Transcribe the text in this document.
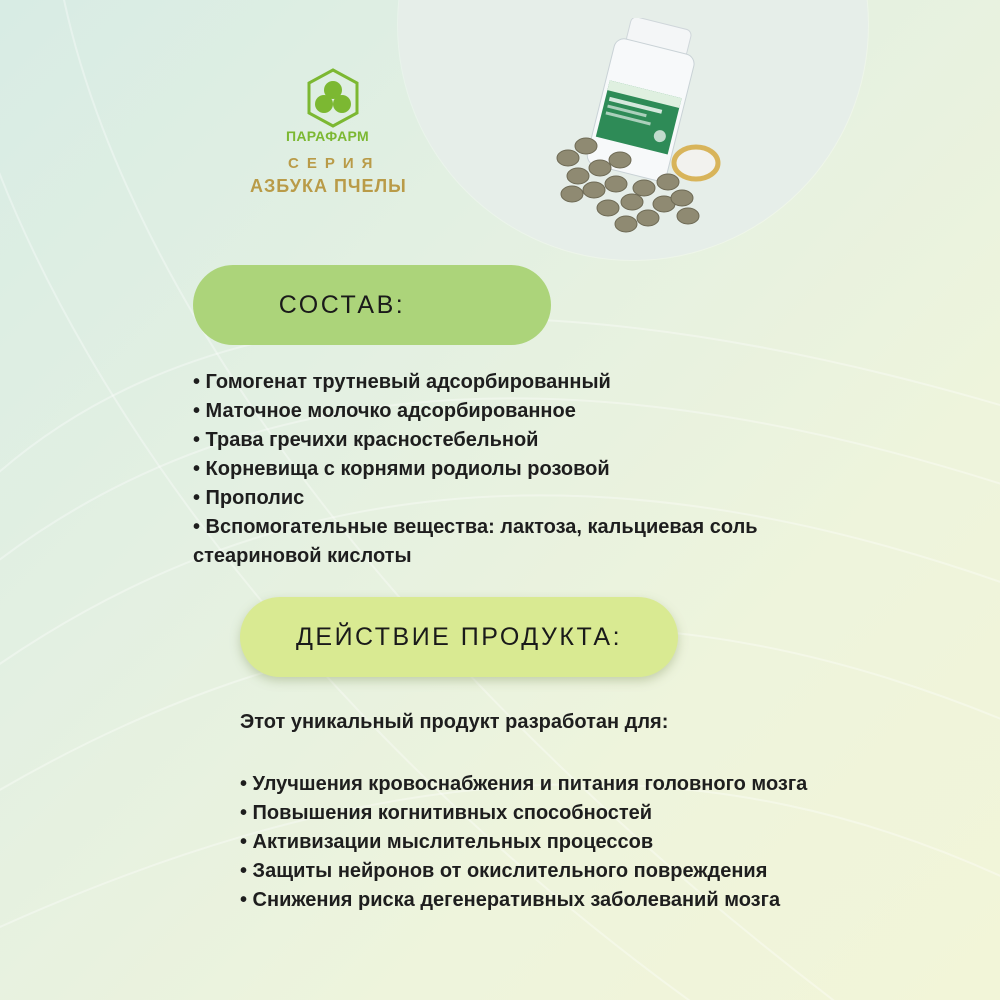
ПАРАФАРМ
СЕРИЯ
АЗБУКА ПЧЕЛЫ
СОСТАВ:
• Гомогенат трутневый адсорбированный
• Маточное молочко адсорбированное
• Трава гречихи красностебельной
• Корневища с корнями родиолы розовой
• Прополис
• Вспомогательные вещества: лактоза, кальциевая соль стеариновой кислоты
ДЕЙСТВИЕ ПРОДУКТА:
Этот уникальный продукт разработан для:
• Улучшения кровоснабжения и питания головного мозга
• Повышения когнитивных способностей
• Активизации мыслительных процессов
• Защиты нейронов от окислительного повреждения
• Снижения риска дегенеративных заболеваний мозга
